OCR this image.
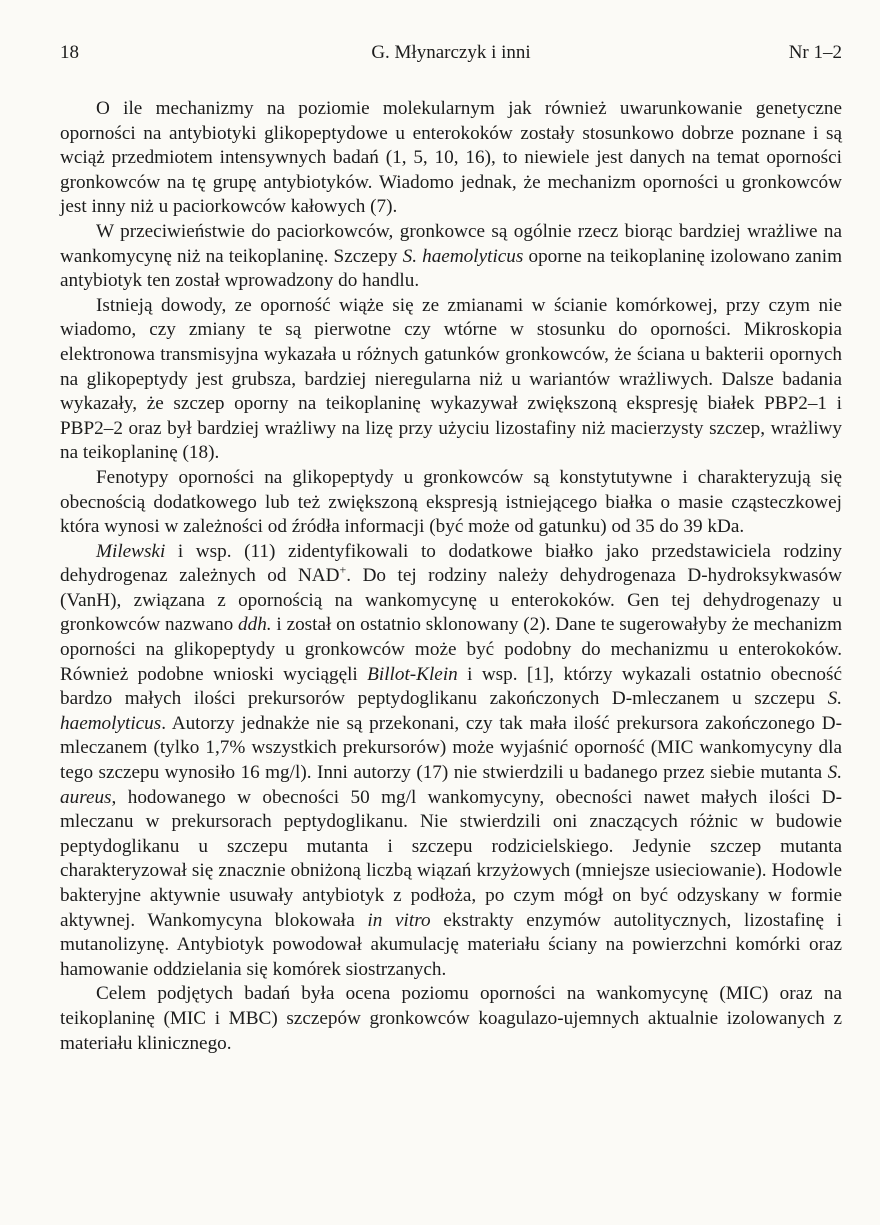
18	G. Młynarczyk i inni	Nr 1–2

O ile mechanizmy na poziomie molekularnym jak również uwarunkowanie genetyczne oporności na antybiotyki glikopeptydowe u enterokoków zostały stosunkowo dobrze poznane i są wciąż przedmiotem intensywnych badań (1, 5, 10, 16), to niewiele jest danych na temat oporności gronkowców na tę grupę antybiotyków. Wiadomo jednak, że mechanizm oporności u gronkowców jest inny niż u paciorkowców kałowych (7).

W przeciwieństwie do paciorkowców, gronkowce są ogólnie rzecz biorąc bardziej wrażliwe na wankomycynę niż na teikoplaninę. Szczepy S. haemolyticus oporne na teikoplaninę izolowano zanim antybiotyk ten został wprowadzony do handlu.

Istnieją dowody, ze oporność wiąże się ze zmianami w ścianie komórkowej, przy czym nie wiadomo, czy zmiany te są pierwotne czy wtórne w stosunku do oporności. Mikroskopia elektronowa transmisyjna wykazała u różnych gatunków gronkowców, że ściana u bakterii opornych na glikopeptydy jest grubsza, bardziej nieregularna niż u wariantów wrażliwych. Dalsze badania wykazały, że szczep oporny na teikoplaninę wykazywał zwiększoną ekspresję białek PBP2–1 i PBP2–2 oraz był bardziej wrażliwy na lizę przy użyciu lizostafiny niż macierzysty szczep, wrażliwy na teikoplaninę (18).

Fenotypy oporności na glikopeptydy u gronkowców są konstytutywne i charakteryzują się obecnością dodatkowego lub też zwiększoną ekspresją istniejącego białka o masie cząsteczkowej która wynosi w zależności od źródła informacji (być może od gatunku) od 35 do 39 kDa.

Milewski i wsp. (11) zidentyfikowali to dodatkowe białko jako przedstawiciela rodziny dehydrogenaz zależnych od NAD+. Do tej rodziny należy dehydrogenaza D-hydroksykwasów (VanH), związana z opornością na wankomycynę u enterokoków. Gen tej dehydrogenazy u gronkowców nazwano ddh. i został on ostatnio sklonowany (2). Dane te sugerowałyby że mechanizm oporności na glikopeptydy u gronkowców może być podobny do mechanizmu u enterokoków. Również podobne wnioski wyciągęli Billot-Klein i wsp. [1], którzy wykazali ostatnio obecność bardzo małych ilości prekursorów peptydoglikanu zakończonych D-mleczanem u szczepu S. haemolyticus. Autorzy jednakże nie są przekonani, czy tak mała ilość prekursora zakończonego D-mleczanem (tylko 1,7% wszystkich prekursorów) może wyjaśnić oporność (MIC wankomycyny dla tego szczepu wynosiło 16 mg/l). Inni autorzy (17) nie stwierdzili u badanego przez siebie mutanta S. aureus, hodowanego w obecności 50 mg/l wankomycyny, obecności nawet małych ilości D-mleczanu w prekursorach peptydoglikanu. Nie stwierdzili oni znaczących różnic w budowie peptydoglikanu u szczepu mutanta i szczepu rodzicielskiego. Jedynie szczep mutanta charakteryzował się znacznie obniżoną liczbą wiązań krzyżowych (mniejsze usieciowanie). Hodowle bakteryjne aktywnie usuwały antybiotyk z podłoża, po czym mógł on być odzyskany w formie aktywnej. Wankomycyna blokowała in vitro ekstrakty enzymów autolitycznych, lizostafinę i mutanolizynę. Antybiotyk powodował akumulację materiału ściany na powierzchni komórki oraz hamowanie oddzielania się komórek siostrzanych.

Celem podjętych badań była ocena poziomu oporności na wankomycynę (MIC) oraz na teikoplaninę (MIC i MBC) szczepów gronkowców koagulazo-ujemnych aktualnie izolowanych z materiału klinicznego.
